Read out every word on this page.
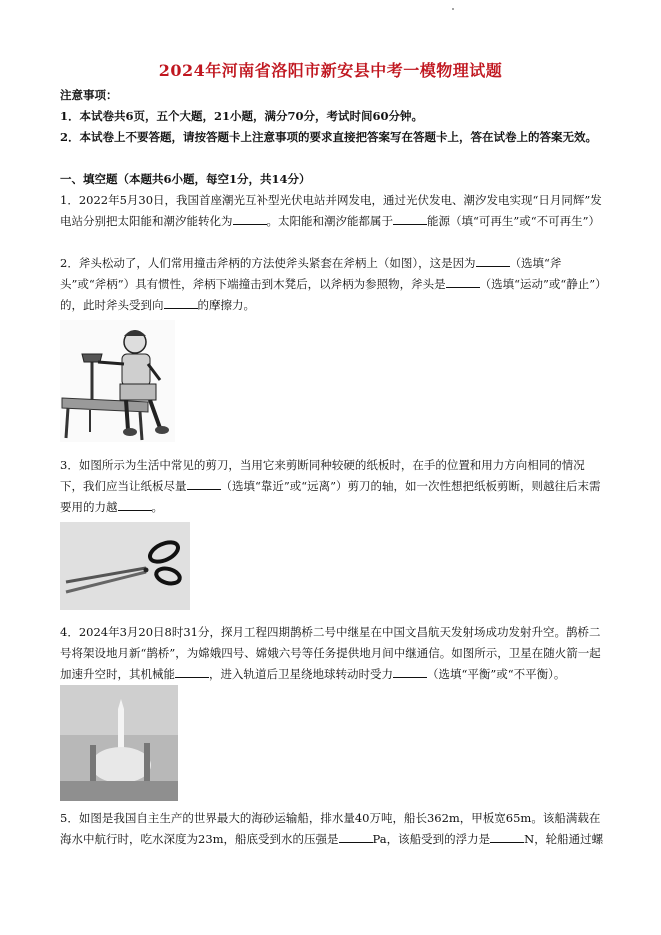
2024年河南省洛阳市新安县中考一模物理试题
注意事项：
1．本试卷共6页，五个大题，21小题，满分70分，考试时间60分钟。
2．本试卷上不要答题，请按答题卡上注意事项的要求直接把答案写在答题卡上，答在试卷上的答案无效。
一、填空题（本题共6小题，每空1分，共14分）
1．2022年5月30日，我国首座潮光互补型光伏电站并网发电，通过光伏发电、潮汐发电实现“日月同辉”发电站分别把太阳能和潮汐能转化为	。太阳能和潮汐能都属于	能源（填“可再生”或“不可再生”）
2．斧头松动了，人们常用撞击斧柄的方法使斧头紧套在斧柄上（如图），这是因为	（选填“斧头”或“斧柄”）具有惯性，斧柄下端撞击到木凳后，以斧柄为参照物，斧头是	（选填“运动”或“静止”）的，此时斧头受到向	的摩擦力。
3．如图所示为生活中常见的剪刀，当用它来剪断同种较硬的纸板时，在手的位置和用力方向相同的情况下，我们应当让纸板尽量	（选填“靠近”或“远离”）剪刀的轴，如一次性想把纸板剪断，则越往后末需要用的力越	。
4．2024年3月20日8时31分，探月工程四期鹊桥二号中继星在中国文昌航天发射场成功发射升空。鹊桥二号将架设地月新“鹊桥”，为嫦娥四号、嫦娥六号等任务提供地月间中继通信。如图所示，卫星在随火箭一起加速升空时，其机械能	，进入轨道后卫星绕地球转动时受力	（选填“平衡”或“不平衡）。
5．如图是我国自主生产的世界最大的海砂运输船，排水量40万吨，船长362m，甲板宽65m。该船满载在海水中航行时，吃水深度为23m，船底受到水的压强是	Pa，该船受到的浮力是	N，轮船通过螺
